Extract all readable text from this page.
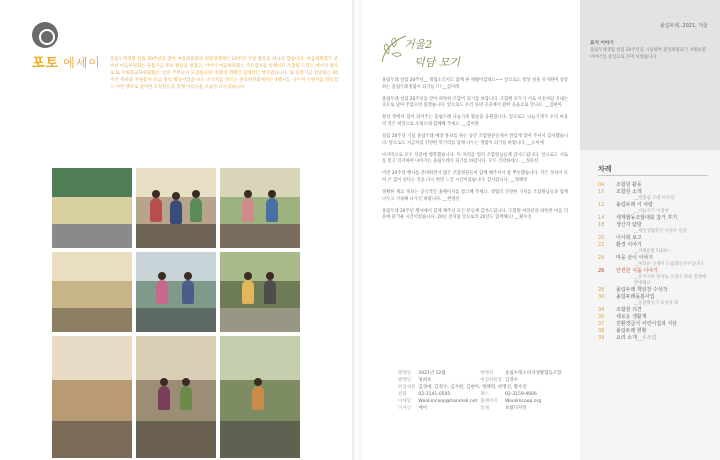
포토 에세이 올림두레생협 설립 20주년을 맞이 마음위원회의 친환경캠페인 20주년 기념 활동을 하나의 했습니다. 마음위원회가 준비한 마음위원회는 돌봄기금 홍보 활동을 펼쳤고, 이야기 마음위원회는 주유캠프를 통해서도 조합원 드리는 메시지 행사로 또 이원회교육위원회는 '일본 주부들이 모였습니다' 친환경 캠페인 함께만든 행사였습니다. 또 돌봄기금 전달하는 20주년 축하와 자원봉사 모금 정리 활동이었습니다. 소식지를 만드는 홍보위원회에서는 4행시를 나누며 손편지를 만들었고 이번 행사로 참여한 조합원들과 함께 아름다운 모습을 나누었습니다.

거울2
덕담 모기

올림두레 설립 20주년__ 생협소식지도 함께 한 세월이었네요~~ 앞으로도 항상 성을 유지하며 성장하는 올림두레생협이 되기를 !!! __김미래

올림두레 설립 20주년을 맞아 따뜻한 조합이 되기를 바랍니다. 조합원 모두가 서로 이웃처럼 지내는 곳으로 남아 주었으면 좋겠습니다. 앞으로도 우리 동네 곳곳에서 환한 웃음으로 만나요. __김현아

항상 곁에서 힘이 되어주는 올림두레 나눔가게 활동을 응원합니다. 앞으로도 나눔가게가 우리 마을의 작은 희망으로 오래오래 함께해 주세요. __김미란

설립 20주년 기념 올림두레 매장 홍보를 하는 동안 조합원분들께서 반갑게 맞아 주셔서 감사했습니다. 앞으로도 지금처럼 건강한 먹거리를 함께 나누는 생협이 되기를 바랍니다. __오미애

마지막으로 모두 덕분에 행복했습니다. 이 자리를 빌려 조합원님들께 감사드립니다. 앞으로도 서로를 믿고 의지하며 나아가는 올림두레가 되기를 바랍니다. 모두 건강하세요. __정유선

이번 20주년 행사를 준비하면서 많은 조합원분들이 함께 해주셔서 참 뿌듯했습니다. 작은 정성이 모여 큰 힘이 된다는 것을 다시 한번 느낀 시간이었습니다. 감사합니다. __정혜영

정확한 재료 정보는 공식적인 홈페이지를 참고해 주세요. 생협의 건강한 가치를 조합원님들과 함께 나누고 지속해 나가길 바랍니다. __현명선

올림두레 20주년 행사에서 함께 해주신 모든 분들께 감사드립니다. 조합원 여러분의 따뜻한 마음 덕분에 즐거운 시간이었습니다. 20년 전처럼 앞으로의 20년도 함께해요! __황수진

발행일	2021년 12월	발행처	올림두레소비자생활협동조합
발행인	정희옥	편집위원장	김영수
편집위원	김경애, 김정수, 김지현, 김현아, 정혜영, 현명선, 황수진		
전화	02-3141-0505	팩스	02-3159-4666
이메일	Woolimcoop@hanmail.net	홈페이지	Woolimcoop.org
디자인	메이	인쇄	보람디자인
올림두레, 2021, 겨울
표지 이야기

올림두레생협 설립 20주년을 기념하며 환경위원회가 자원순환 이야기를 중심으로 꾸며 보았습니다.

차례
04	조합원 활동
10	조합원 소개
__박홍섭 조대 이사장
12	올림두레 이 사람
__나눔지기 이정현
14	세계협동조합대회 참가 후기
18	생산자 탐방
__세일생협축산 이영우 실장
20	이사회 보고
22	환경 이야기
__자원순환 FLEX~
24	마을 살이 이야기
__여러분 인생이 드림레인보우입니다
26	안전한 식품 이야기
__유쿠시마 방사능 오염수 방류 결정에 반대해요
28	올림두레 책읽장 수상작
30	올림두레돌봄사업
__돌봄활동가 육성상 외
34	조합원 의견
35	새로운 생활재
37	친환경급식 어린이집과 식단
38	올림두레 현황
39	요리 소개__무조림
